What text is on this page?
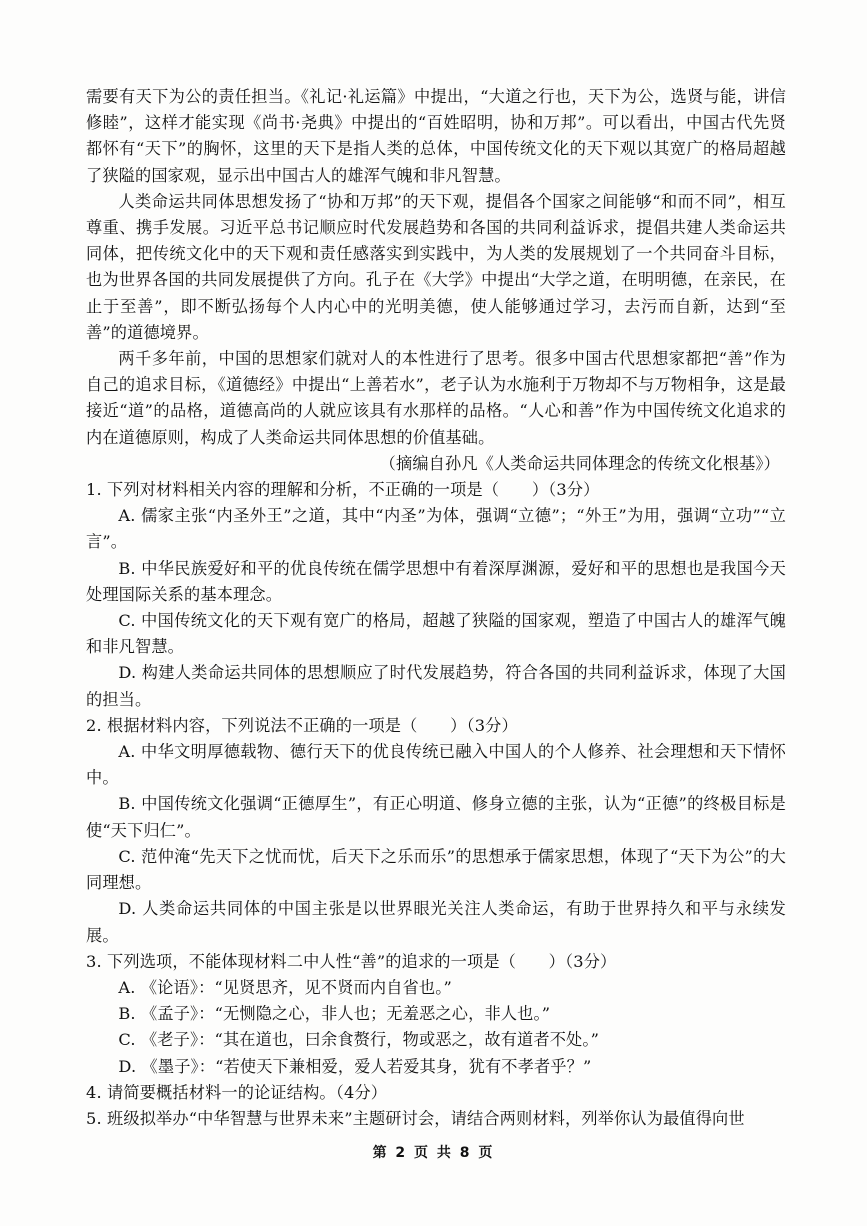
需要有天下为公的责任担当。《礼记·礼运篇》中提出，“大道之行也，天下为公，选贤与能，讲信修睦”，这样才能实现《尚书·尧典》中提出的“百姓昭明，协和万邦”。可以看出，中国古代先贤都怀有“天下”的胸怀，这里的天下是指人类的总体，中国传统文化的天下观以其宽广的格局超越了狭隘的国家观，显示出中国古人的雄浑气魄和非凡智慧。

人类命运共同体思想发扬了“协和万邦”的天下观，提倡各个国家之间能够“和而不同”，相互尊重、携手发展。习近平总书记顺应时代发展趋势和各国的共同利益诉求，提倡共建人类命运共同体，把传统文化中的天下观和责任感落实到实践中，为人类的发展规划了一个共同奋斗目标，也为世界各国的共同发展提供了方向。孔子在《大学》中提出“大学之道，在明明德，在亲民，在止于至善”，即不断弘扬每个人内心中的光明美德，使人能够通过学习，去污而自新，达到“至善”的道德境界。

两千多年前，中国的思想家们就对人的本性进行了思考。很多中国古代思想家都把“善”作为自己的追求目标，《道德经》中提出“上善若水”，老子认为水施利于万物却不与万物相争，这是最接近“道”的品格，道德高尚的人就应该具有水那样的品格。“人心和善”作为中国传统文化追求的内在道德原则，构成了人类命运共同体思想的价值基础。

（摘编自孙凡《人类命运共同体理念的传统文化根基》）

1. 下列对材料相关内容的理解和分析，不正确的一项是（　　）（3分）

A. 儒家主张“内圣外王”之道，其中“内圣”为体，强调“立德”；“外王”为用，强调“立功”“立言”。

B. 中华民族爱好和平的优良传统在儒学思想中有着深厚渊源，爱好和平的思想也是我国今天处理国际关系的基本理念。

C. 中国传统文化的天下观有宽广的格局，超越了狭隘的国家观，塑造了中国古人的雄浑气魄和非凡智慧。

D. 构建人类命运共同体的思想顺应了时代发展趋势，符合各国的共同利益诉求，体现了大国的担当。

2. 根据材料内容，下列说法不正确的一项是（　　）（3分）

A. 中华文明厚德载物、德行天下的优良传统已融入中国人的个人修养、社会理想和天下情怀中。

B. 中国传统文化强调“正德厚生”，有正心明道、修身立德的主张，认为“正德”的终极目标是使“天下归仁”。

C. 范仲淹“先天下之忧而忧，后天下之乐而乐”的思想承于儒家思想，体现了“天下为公”的大同理想。

D. 人类命运共同体的中国主张是以世界眼光关注人类命运，有助于世界持久和平与永续发展。

3. 下列选项，不能体现材料二中人性“善”的追求的一项是（　　）（3分）

A. 《论语》：“见贤思齐，见不贤而内自省也。”

B. 《孟子》：“无恻隐之心，非人也；无羞恶之心，非人也。”

C. 《老子》：“其在道也，曰余食赘行，物或恶之，故有道者不处。”

D. 《墨子》：“若使天下兼相爱，爱人若爱其身，犹有不孝者乎？”

4. 请简要概括材料一的论证结构。（4分）

5. 班级拟举办“中华智慧与世界未来”主题研讨会，请结合两则材料，列举你认为最值得向世

第 2 页 共 8 页
